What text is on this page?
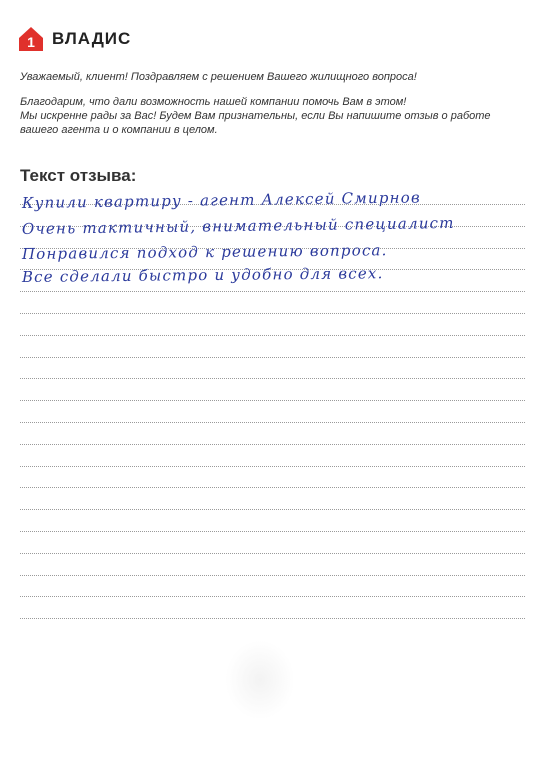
1 ВЛАДИС

Уважаемый, клиент! Поздравляем с решением Вашего жилищного вопроса!

Благодарим, что дали возможность нашей компании помочь Вам в этом!

Мы искренне рады за Вас! Будем Вам признательны, если Вы напишите отзыв о работе вашего агента и о компании в целом.

Текст отзыва:
Купили квартиру - агент Алексей Смирнов
Очень тактичный, внимательный специалист
Понравился подход к решению вопроса.
Все сделали быстро и удобно для всех.
